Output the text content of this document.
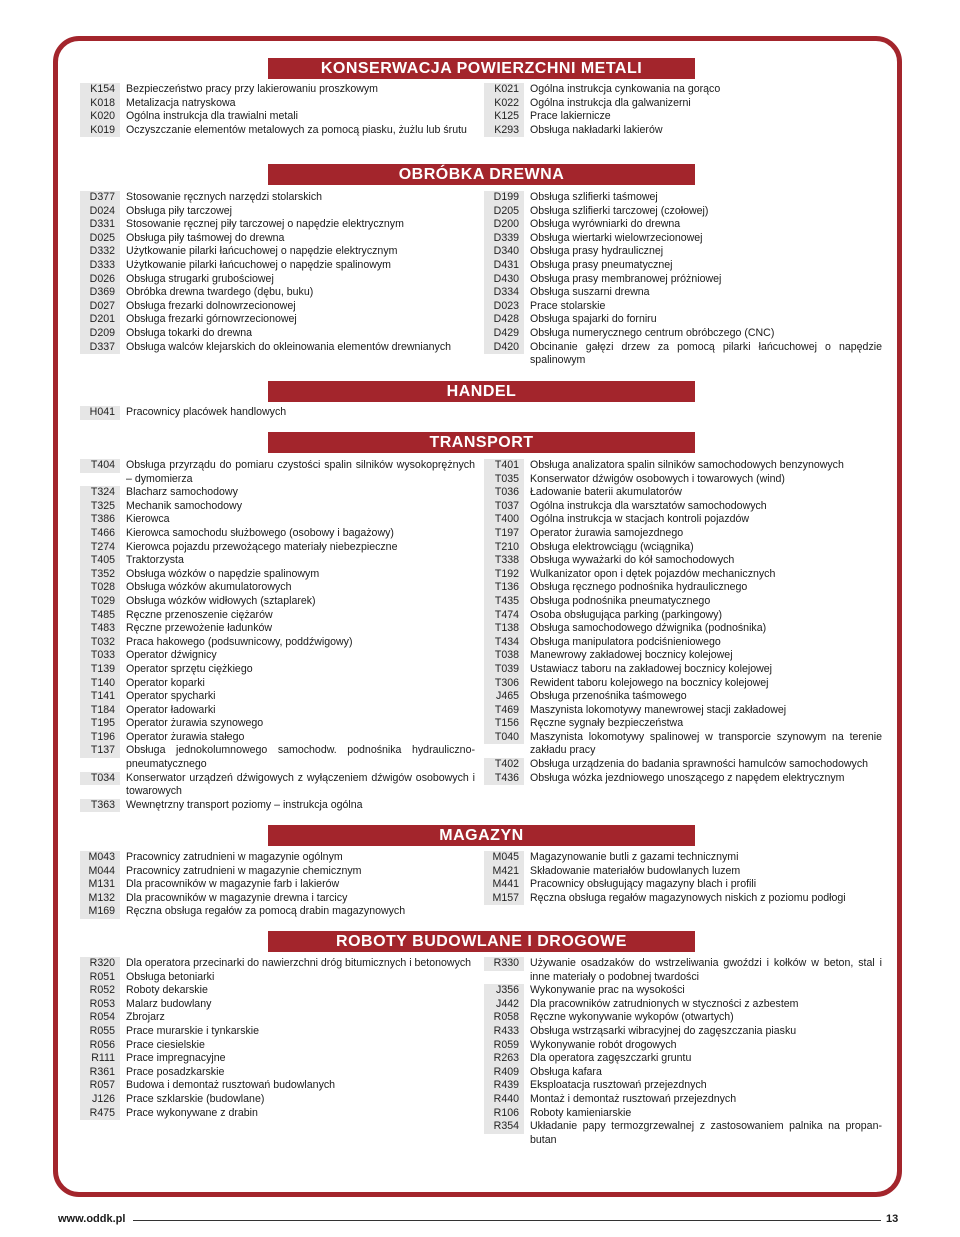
KONSERWACJA POWIERZCHNI METALI
K154	Bezpieczeństwo pracy przy lakierowaniu proszkowym
K018	Metalizacja natryskowa
K020	Ogólna instrukcja dla trawialni metali
K019	Oczyszczanie elementów metalowych za pomocą piasku, żużlu lub śrutu
K021	Ogólna instrukcja cynkowania na gorąco
K022	Ogólna instrukcja dla galwanizerni
K125	Prace lakiernicze
K293	Obsługa nakładarki lakierów
OBRÓBKA DREWNA
D377	Stosowanie ręcznych narzędzi stolarskich
D024	Obsługa piły tarczowej
D331	Stosowanie ręcznej piły tarczowej o napędzie elektrycznym
D025	Obsługa piły taśmowej do drewna
D332	Użytkowanie pilarki łańcuchowej o napędzie elektrycznym
D333	Użytkowanie pilarki łańcuchowej o napędzie spalinowym
D026	Obsługa strugarki grubościowej
D369	Obróbka drewna twardego (dębu, buku)
D027	Obsługa frezarki dolnowrzecionowej
D201	Obsługa frezarki górnowrzecionowej
D209	Obsługa tokarki do drewna
D337	Obsługa walców klejarskich do okleinowania elementów drewnianych
D199	Obsługa szlifierki taśmowej
D205	Obsługa szlifierki tarczowej (czołowej)
D200	Obsługa wyrówniarki do drewna
D339	Obsługa wiertarki wielowrzecionowej
D340	Obsługa prasy hydraulicznej
D431	Obsługa prasy pneumatycznej
D430	Obsługa prasy membranowej próżniowej
D334	Obsługa suszarni drewna
D023	Prace stolarskie
D428	Obsługa spajarki do forniru
D429	Obsługa numerycznego centrum obróbczego (CNC)
D420	Obcinanie gałęzi drzew za pomocą pilarki łańcuchowej o napędzie spalinowym
HANDEL
H041	Pracownicy placówek handlowych
TRANSPORT
T404	Obsługa przyrządu do pomiaru czystości spalin silników wysokoprężnych – dymomierza
T324	Blacharz samochodowy
T325	Mechanik samochodowy
T386	Kierowca
T466	Kierowca samochodu służbowego (osobowy i bagażowy)
T274	Kierowca pojazdu przewożącego materiały niebezpieczne
T405	Traktorzysta
T352	Obsługa wózków o napędzie spalinowym
T028	Obsługa wózków akumulatorowych
T029	Obsługa wózków widłowych (sztaplarek)
T485	Ręczne przenoszenie ciężarów
T483	Ręczne przewożenie ładunków
T032	Praca hakowego (podsuwnicowy, poddźwigowy)
T033	Operator dźwignicy
T139	Operator sprzętu ciężkiego
T140	Operator koparki
T141	Operator spycharki
T184	Operator ładowarki
T195	Operator żurawia szynowego
T196	Operator żurawia stałego
T137	Obsługa jednokolumnowego samochodw. podnośnika hydrauliczno-pneumatycznego
T034	Konserwator urządzeń dźwigowych z wyłączeniem dźwigów osobowych i towarowych
T363	Wewnętrzny transport poziomy – instrukcja ogólna
T401	Obsługa analizatora spalin silników samochodowych benzynowych
T035	Konserwator dźwigów osobowych i towarowych (wind)
T036	Ładowanie baterii akumulatorów
T037	Ogólna instrukcja dla warsztatów samochodowych
T400	Ogólna instrukcja w stacjach kontroli pojazdów
T197	Operator żurawia samojezdnego
T210	Obsługa elektrowciągu (wciągnika)
T338	Obsługa wyważarki do kół samochodowych
T192	Wulkanizator opon i dętek pojazdów mechanicznych
T136	Obsługa ręcznego podnośnika hydraulicznego
T435	Obsługa podnośnika pneumatycznego
T474	Osoba obsługująca parking (parkingowy)
T138	Obsługa samochodowego dźwignika (podnośnika)
T434	Obsługa manipulatora podciśnieniowego
T038	Manewrowy zakładowej bocznicy kolejowej
T039	Ustawiacz taboru na zakładowej bocznicy kolejowej
T306	Rewident taboru kolejowego na bocznicy kolejowej
J465	Obsługa przenośnika taśmowego
T469	Maszynista lokomotywy manewrowej stacji zakładowej
T156	Ręczne sygnały bezpieczeństwa
T040	Maszynista lokomotywy spalinowej w transporcie szynowym na terenie zakładu pracy
T402	Obsługa urządzenia do badania sprawności hamulców samochodowych
T436	Obsługa wózka jezdniowego unoszącego z napędem elektrycznym
MAGAZYN
M043	Pracownicy zatrudnieni w magazynie ogólnym
M044	Pracownicy zatrudnieni w magazynie chemicznym
M131	Dla pracowników w magazynie farb i lakierów
M132	Dla pracowników w magazynie drewna i tarcicy
M169	Ręczna obsługa regałów za pomocą drabin magazynowych
M045	Magazynowanie butli z gazami technicznymi
M421	Składowanie materiałów budowlanych luzem
M441	Pracownicy obsługujący magazyny blach i profili
M157	Ręczna obsługa regałów magazynowych niskich z poziomu podłogi
ROBOTY BUDOWLANE I DROGOWE
R320	Dla operatora przecinarki do nawierzchni dróg bitumicznych i betonowych
R051	Obsługa betoniarki
R052	Roboty dekarskie
R053	Malarz budowlany
R054	Zbrojarz
R055	Prace murarskie i tynkarskie
R056	Prace ciesielskie
R111	Prace impregnacyjne
R361	Prace posadzkarskie
R057	Budowa i demontaż rusztowań budowlanych
J126	Prace szklarskie (budowlane)
R475	Prace wykonywane z drabin
R330	Używanie osadzaków do wstrzeliwania gwoździ i kołków w beton, stal i inne materiały o podobnej twardości
J356	Wykonywanie prac na wysokości
J442	Dla pracowników zatrudnionych w styczności z azbestem
R058	Ręczne wykonywanie wykopów (otwartych)
R433	Obsługa wstrząsarki wibracyjnej do zagęszczania piasku
R059	Wykonywanie robót drogowych
R263	Dla operatora zagęszczarki gruntu
R409	Obsługa kafara
R439	Eksploatacja rusztowań przejezdnych
R440	Montaż i demontaż rusztowań przejezdnych
R106	Roboty kamieniarskie
R354	Układanie papy termozgrzewalnej z zastosowaniem palnika na propan-butan
www.oddk.pl	13
